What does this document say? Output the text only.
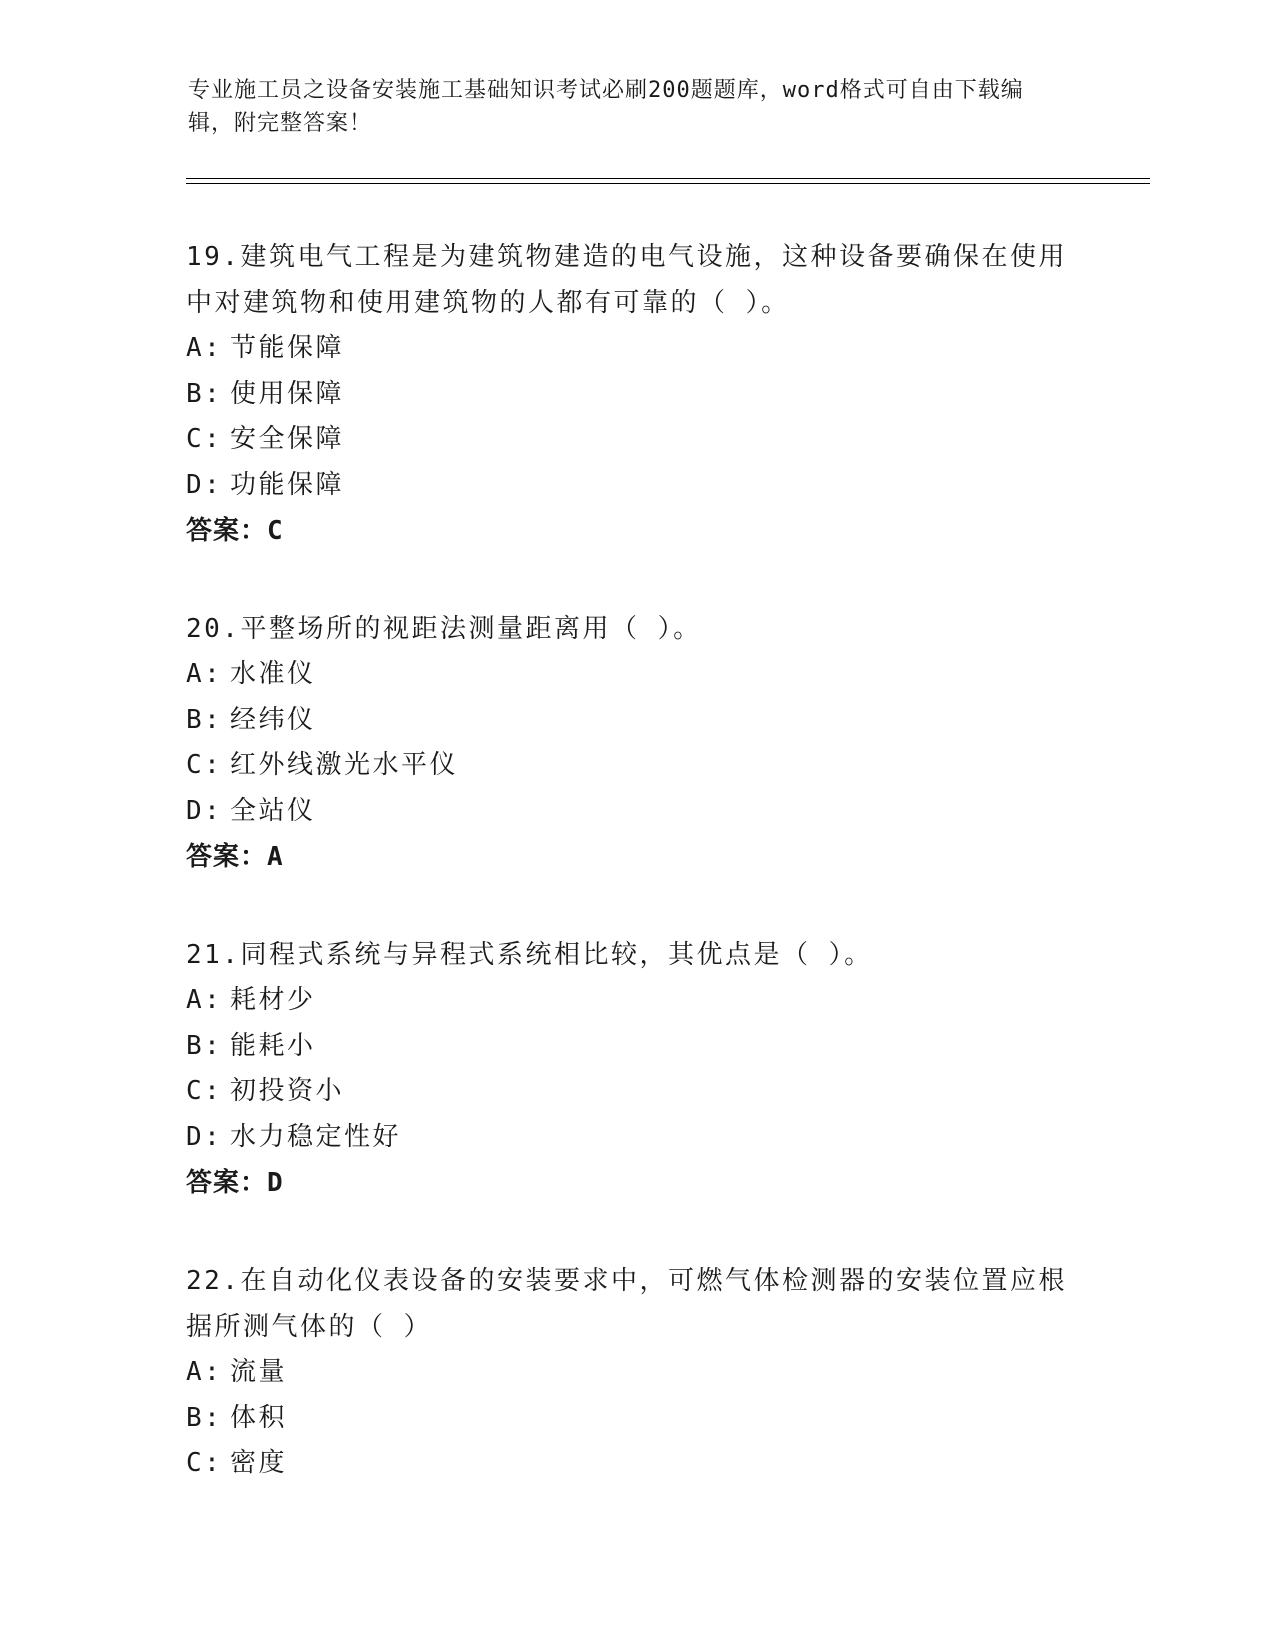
专业施工员之设备安装施工基础知识考试必刷200题题库，word格式可自由下载编辑，附完整答案！

19.建筑电气工程是为建筑物建造的电气设施，这种设备要确保在使用中对建筑物和使用建筑物的人都有可靠的（ ）。

A: 节能保障
B: 使用保障
C: 安全保障
D: 功能保障
答案：C

20.平整场所的视距法测量距离用（ ）。

A: 水准仪
B: 经纬仪
C: 红外线激光水平仪
D: 全站仪
答案：A

21.同程式系统与异程式系统相比较，其优点是（ ）。

A: 耗材少
B: 能耗小
C: 初投资小
D: 水力稳定性好
答案：D

22.在自动化仪表设备的安装要求中，可燃气体检测器的安装位置应根据所测气体的（ ）

A: 流量
B: 体积
C: 密度
